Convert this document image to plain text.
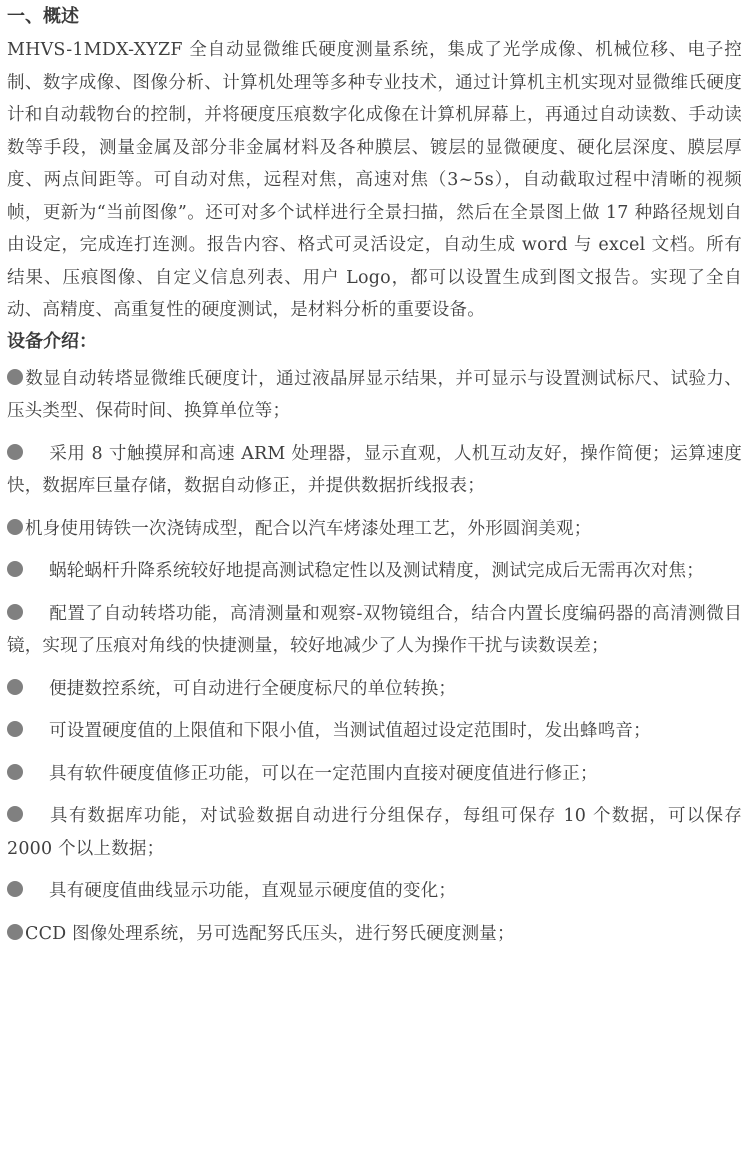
一、概述

MHVS-1MDX-XYZF 全自动显微维氏硬度测量系统，集成了光学成像、机械位移、电子控制、数字成像、图像分析、计算机处理等多种专业技术，通过计算机主机实现对显微维氏硬度计和自动载物台的控制，并将硬度压痕数字化成像在计算机屏幕上，再通过自动读数、手动读数等手段，测量金属及部分非金属材料及各种膜层、镀层的显微硬度、硬化层深度、膜层厚度、两点间距等。可自动对焦，远程对焦，高速对焦（3~5s），自动截取过程中清晰的视频帧，更新为“当前图像”。还可对多个试样进行全景扫描，然后在全景图上做 17 种路径规划自由设定，完成连打连测。报告内容、格式可灵活设定，自动生成 word 与 excel 文档。所有结果、压痕图像、自定义信息列表、用户 Logo，都可以设置生成到图文报告。实现了全自动、高精度、高重复性的硬度测试，是材料分析的重要设备。

设备介绍：
数显自动转塔显微维氏硬度计，通过液晶屏显示结果，并可显示与设置测试标尺、试验力、压头类型、保荷时间、换算单位等；
采用 8 寸触摸屏和高速 ARM 处理器，显示直观，人机互动友好，操作简便；运算速度快，数据库巨量存储，数据自动修正，并提供数据折线报表；
机身使用铸铁一次浇铸成型，配合以汽车烤漆处理工艺，外形圆润美观；
蜗轮蜗杆升降系统较好地提高测试稳定性以及测试精度，测试完成后无需再次对焦；
配置了自动转塔功能，高清测量和观察-双物镜组合，结合内置长度编码器的高清测微目镜，实现了压痕对角线的快捷测量，较好地减少了人为操作干扰与读数误差；
便捷数控系统，可自动进行全硬度标尺的单位转换；
可设置硬度值的上限值和下限小值，当测试值超过设定范围时，发出蜂鸣音；
具有软件硬度值修正功能，可以在一定范围内直接对硬度值进行修正；
具有数据库功能，对试验数据自动进行分组保存，每组可保存 10 个数据，可以保存 2000 个以上数据；
具有硬度值曲线显示功能，直观显示硬度值的变化；
CCD 图像处理系统，另可选配努氏压头，进行努氏硬度测量；
